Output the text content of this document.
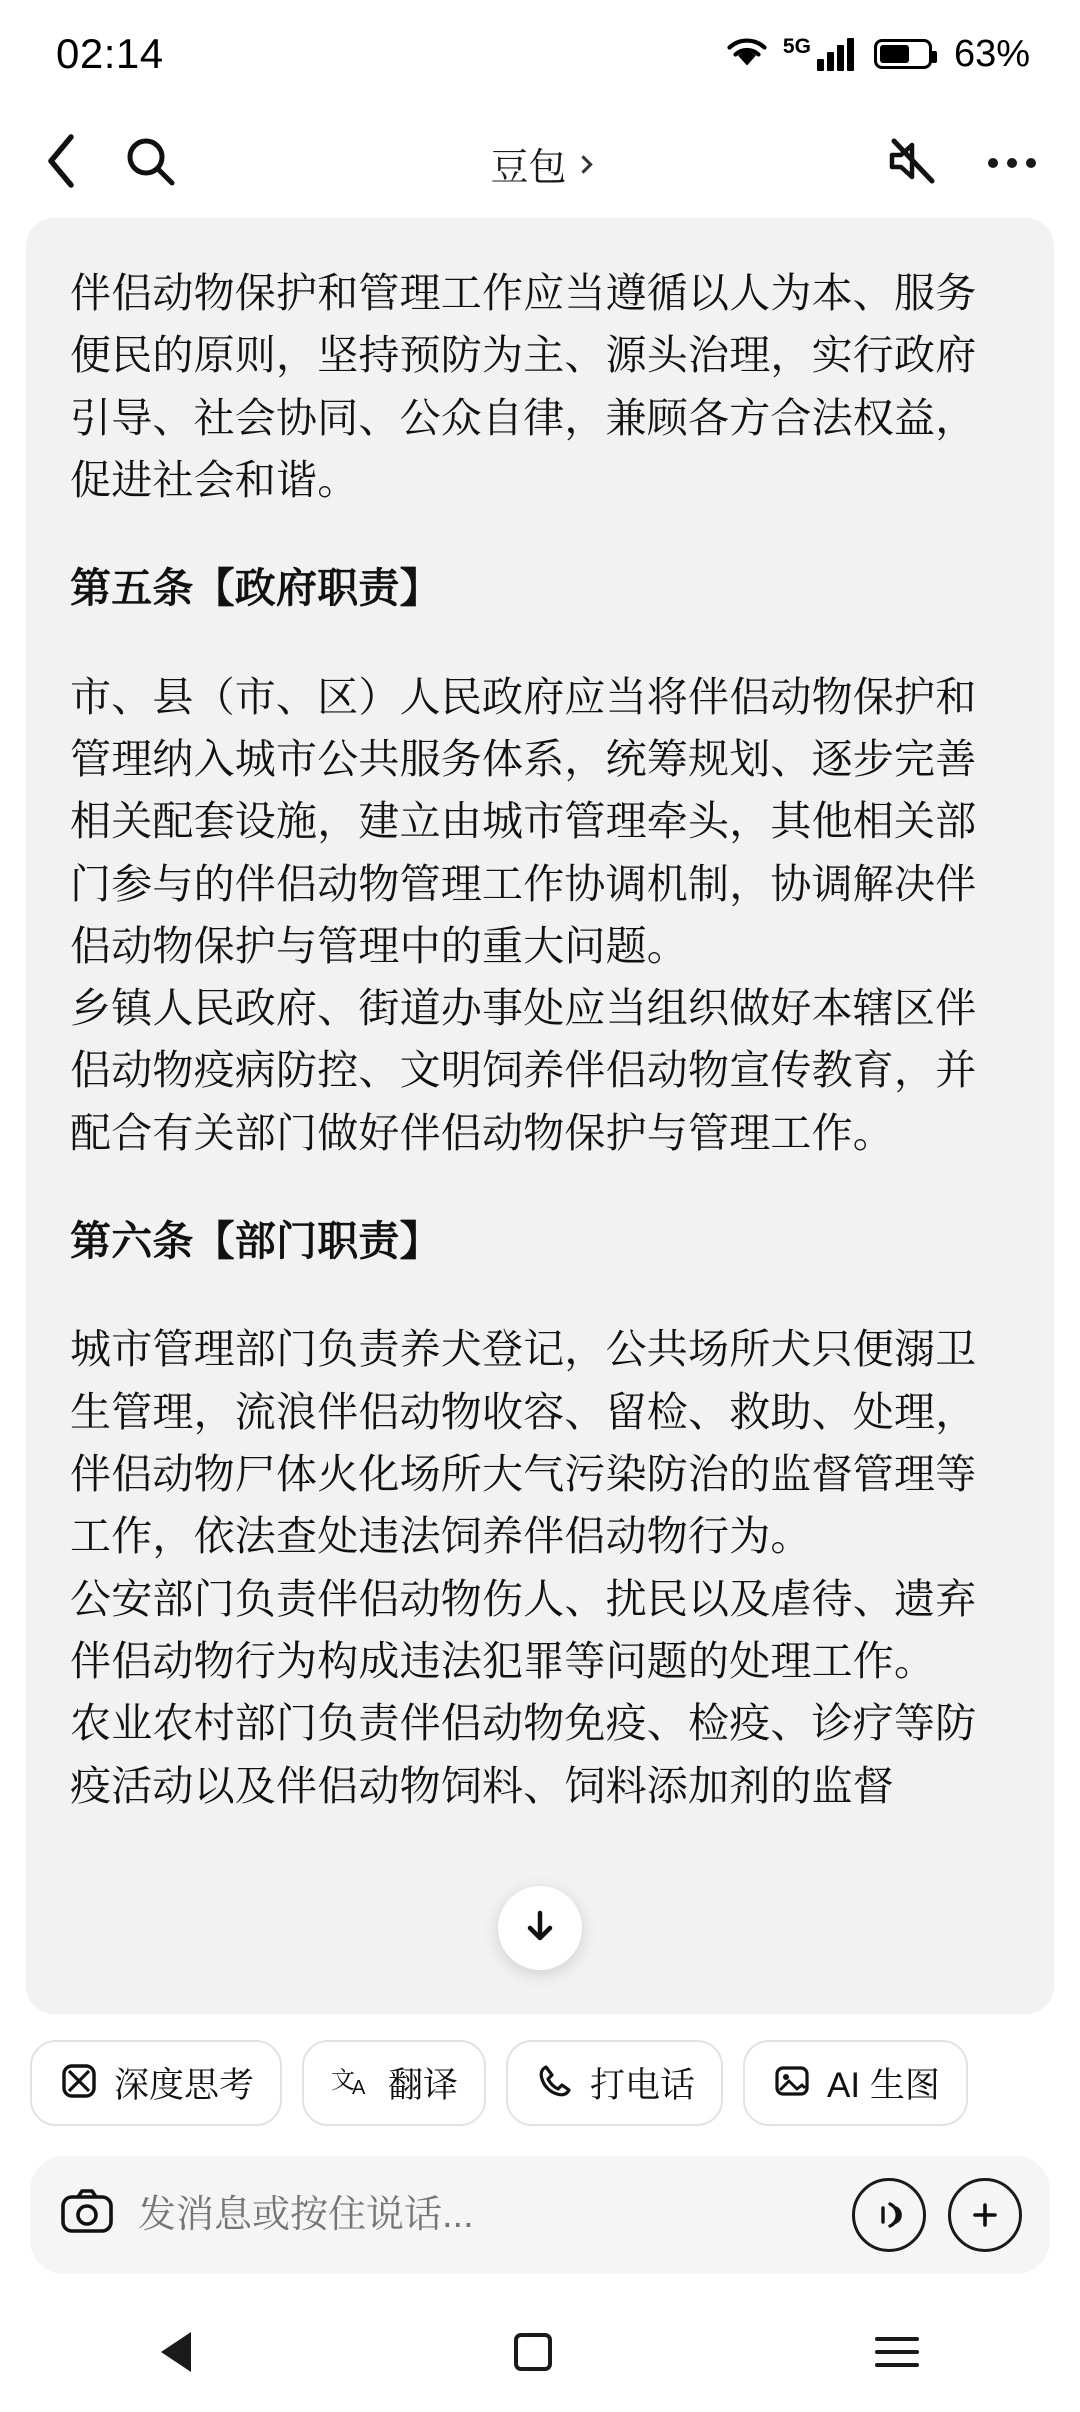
02:14	5G	63%
豆包

伴侣动物保护和管理工作应当遵循以人为本、服务便民的原则，坚持预防为主、源头治理，实行政府引导、社会协同、公众自律，兼顾各方合法权益，促进社会和谐。

第五条【政府职责】

市、县（市、区）人民政府应当将伴侣动物保护和管理纳入城市公共服务体系，统筹规划、逐步完善相关配套设施，建立由城市管理牵头，其他相关部门参与的伴侣动物管理工作协调机制，协调解决伴侣动物保护与管理中的重大问题。

乡镇人民政府、街道办事处应当组织做好本辖区伴侣动物疫病防控、文明饲养伴侣动物宣传教育，并配合有关部门做好伴侣动物保护与管理工作。

第六条【部门职责】

城市管理部门负责养犬登记，公共场所犬只便溺卫生管理，流浪伴侣动物收容、留检、救助、处理，伴侣动物尸体火化场所大气污染防治的监督管理等工作，依法查处违法饲养伴侣动物行为。

公安部门负责伴侣动物伤人、扰民以及虐待、遗弃伴侣动物行为构成违法犯罪等问题的处理工作。

农业农村部门负责伴侣动物免疫、检疫、诊疗等防疫活动以及伴侣动物饲料、饲料添加剂的监督

深度思考	文
A 翻译	打电话	AI 生图
发消息或按住说话...
